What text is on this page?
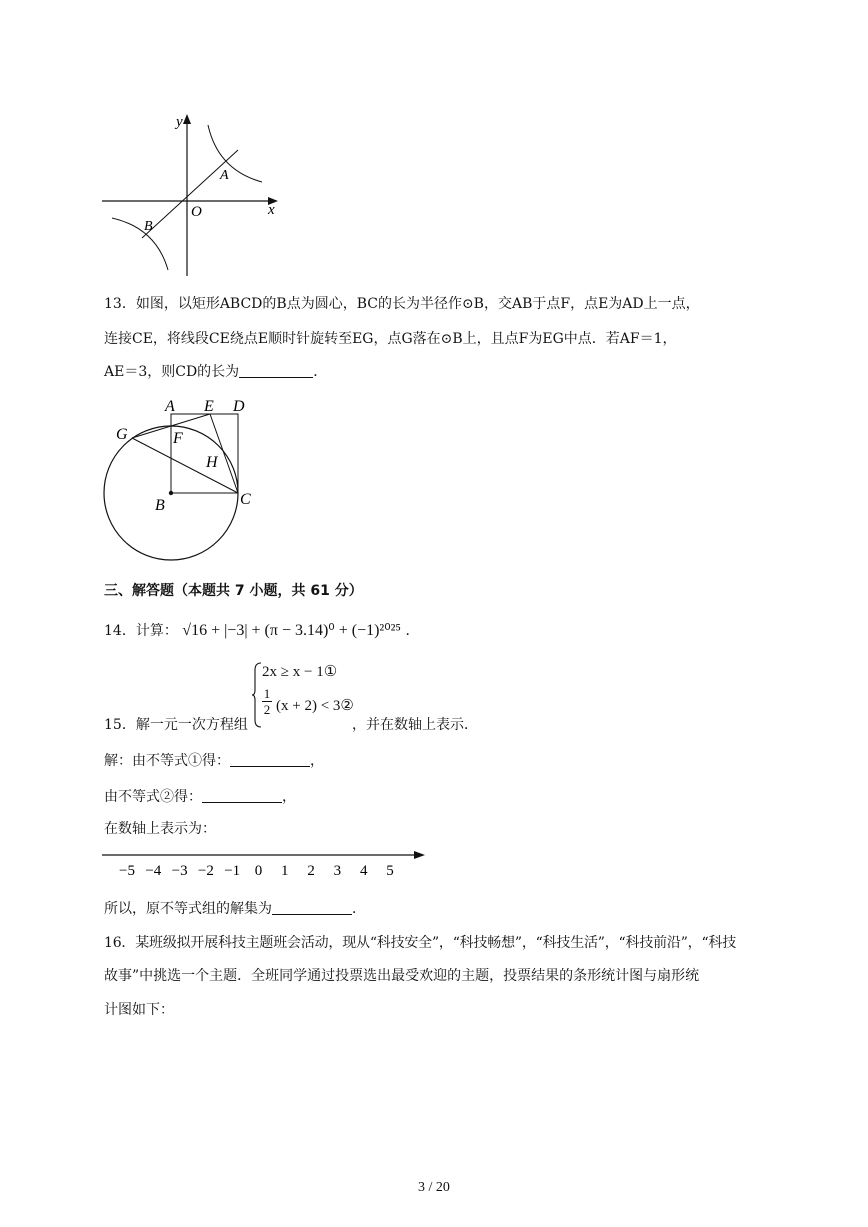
y
x
O
A
B
13．如图，以矩形ABCD的B点为圆心，BC的长为半径作⊙B，交AB于点F，点E为AD上一点，
连接CE，将线段CE绕点E顺时针旋转至EG，点G落在⊙B上，且点F为EG中点．若AF＝1，
AE＝3，则CD的长为	．
A E D
G	F
H
B	C
三、解答题（本题共 7 小题，共 61 分）
14．计算： √16 + |−3| + (π − 3.14)⁰ + (−1)²⁰²⁵ ．
2x ≥ x − 1①
$\frac{1}{2} (x + 2)$ < 3②
15．解一元一次方程组	，并在数轴上表示．
解：由不等式①得：	，
由不等式②得：	，
在数轴上表示为：
−5 −4 −3 −2 −1 0 1 2 3 4 5
所以，原不等式组的解集为	．
16．某班级拟开展科技主题班会活动，现从“科技安全”，“科技畅想”，“科技生活”，“科技前沿”，“科技
故事”中挑选一个主题．全班同学通过投票选出最受欢迎的主题，投票结果的条形统计图与扇形统
计图如下：
3 / 20
